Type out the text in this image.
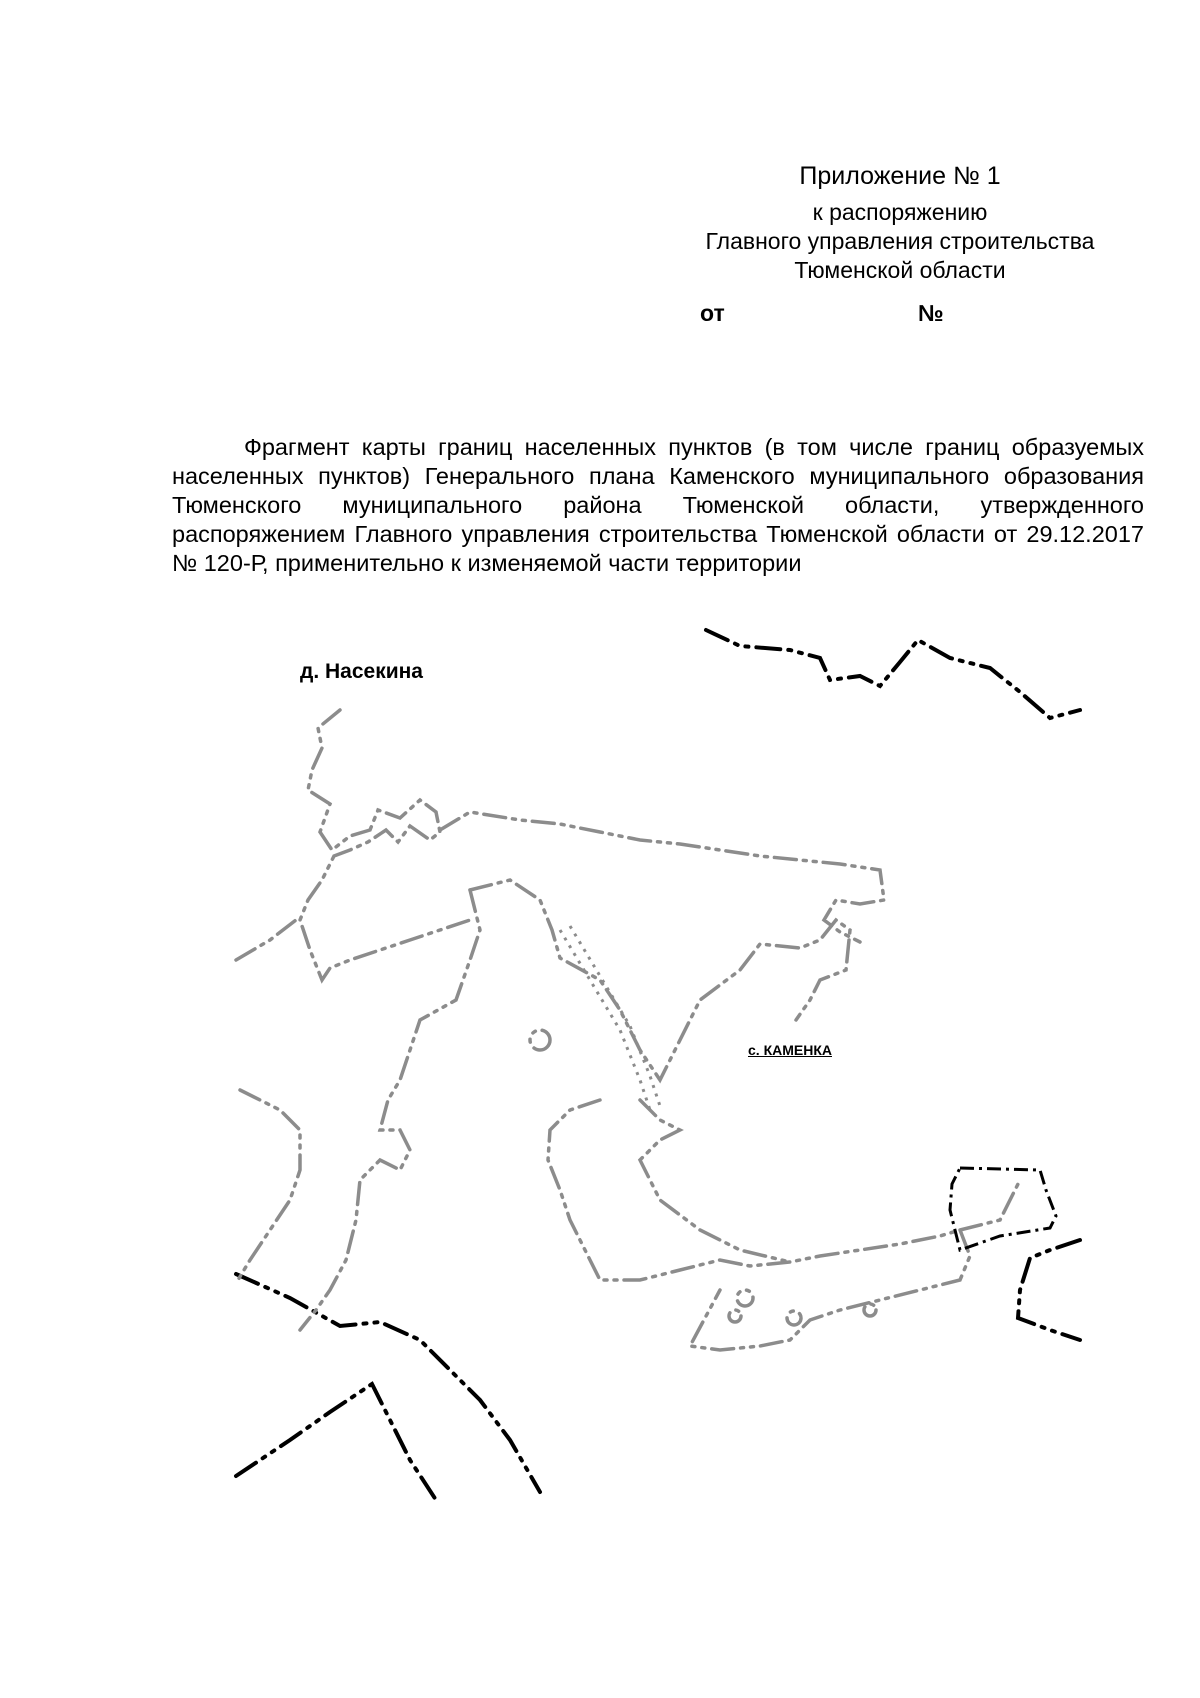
Приложение № 1
к распоряжению
Главного управления строительства
Тюменской области
от	№
Фрагмент карты границ населенных пунктов (в том числе границ образуемых населенных пунктов) Генерального плана Каменского муниципального образования Тюменского муниципального района Тюменской области, утвержденного распоряжением Главного управления строительства Тюменской области от 29.12.2017 № 120-Р, применительно к изменяемой части территории
д. Насекина
с. КАМЕНКА
